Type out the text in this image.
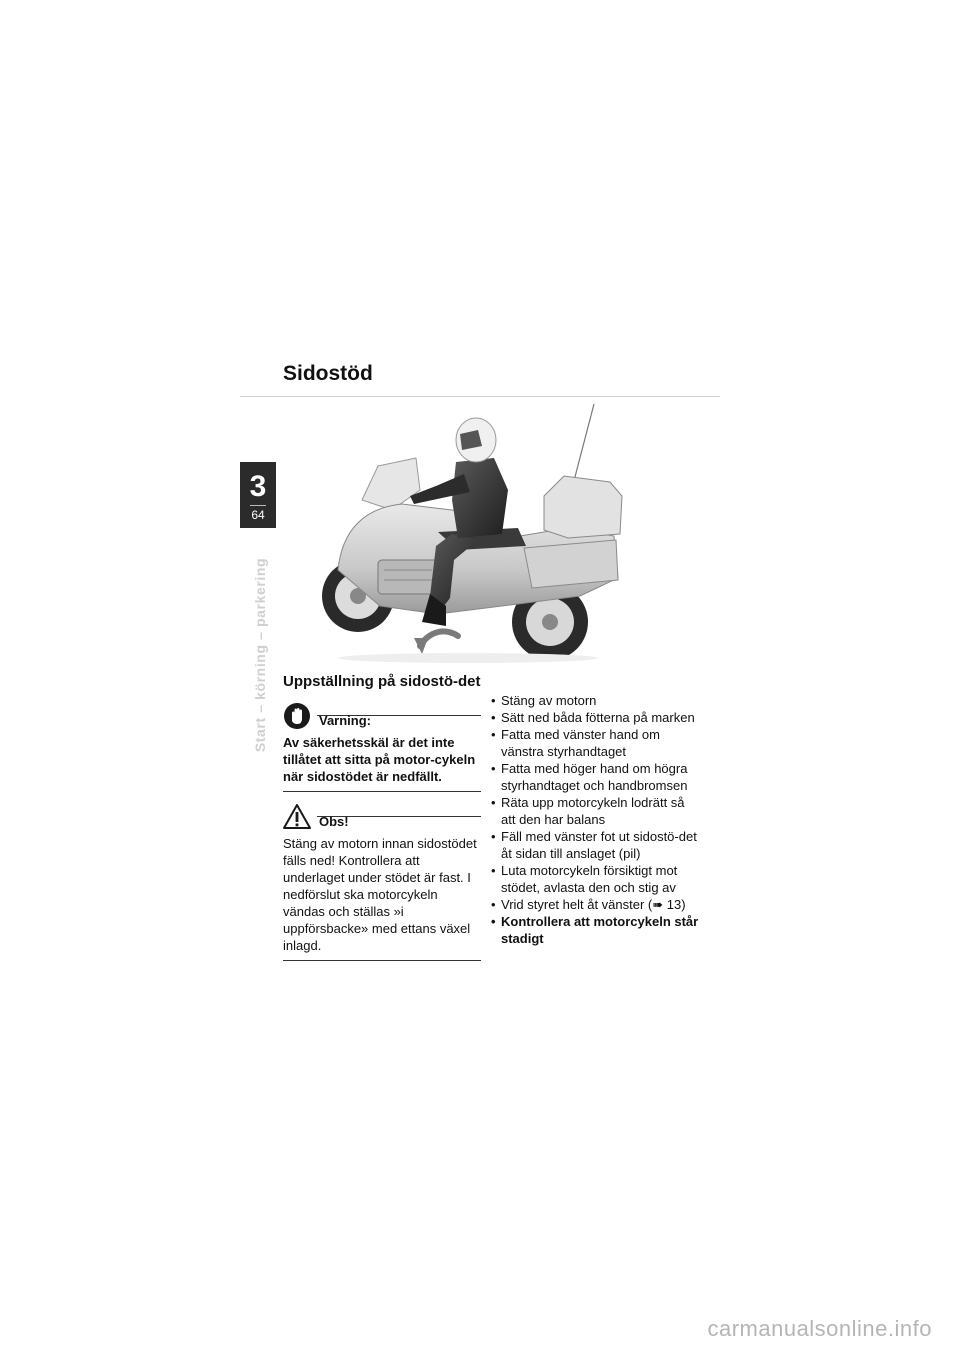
Sidostöd
3
64
Start – körning – parkering Uppställning på sidostö-det
Varning:
Av säkerhetsskäl är det inte tillåtet att sitta på motor-cykeln när sidostödet är nedfällt.
Obs!
Stäng av motorn innan sidostödet fälls ned! Kontrollera att underlaget under stödet är fast. I nedförslut ska motorcykeln vändas och ställas »i uppförsbacke» med ettans växel inlagd.
• Stäng av motorn
• Sätt ned båda fötterna på marken
• Fatta med vänster hand om vänstra styrhandtaget
• Fatta med höger hand om högra styrhandtaget och handbromsen
• Räta upp motorcykeln lodrätt så att den har balans
• Fäll med vänster fot ut sidostö-det åt sidan till anslaget (pil)
• Luta motorcykeln försiktigt mot stödet, avlasta den och stig av
• Vrid styret helt åt vänster (➠ 13)
• Kontrollera att motorcykeln står stadigt
carmanualsonline.info
